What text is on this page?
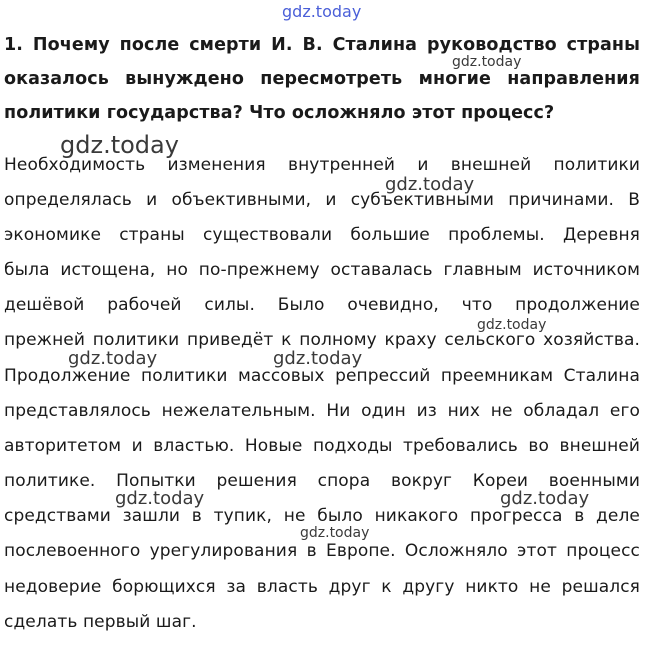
gdz.today
gdz.today
gdz.today
gdz.today
gdz.today
gdz.today	gdz.today
gdz.today	gdz.today
gdz.today
1. Почему после смерти И. В. Сталина руководство страны
оказалось вынуждено пересмотреть многие направления
политики государства? Что осложняло этот процесс?
Необходимость изменения внутренней и внешней политики
определялась и объективными, и субъективными причинами. В
экономике страны существовали большие проблемы. Деревня
была истощена, но по-прежнему оставалась главным источником
дешёвой рабочей силы. Было очевидно, что продолжение
прежней политики приведёт к полному краху сельского хозяйства.
Продолжение политики массовых репрессий преемникам Сталина
представлялось нежелательным. Ни один из них не обладал его
авторитетом и властью. Новые подходы требовались во внешней
политике. Попытки решения спора вокруг Кореи военными
средствами зашли в тупик, не было никакого прогресса в деле
послевоенного урегулирования в Европе. Осложняло этот процесс
недоверие борющихся за власть друг к другу никто не решался
сделать первый шаг.
